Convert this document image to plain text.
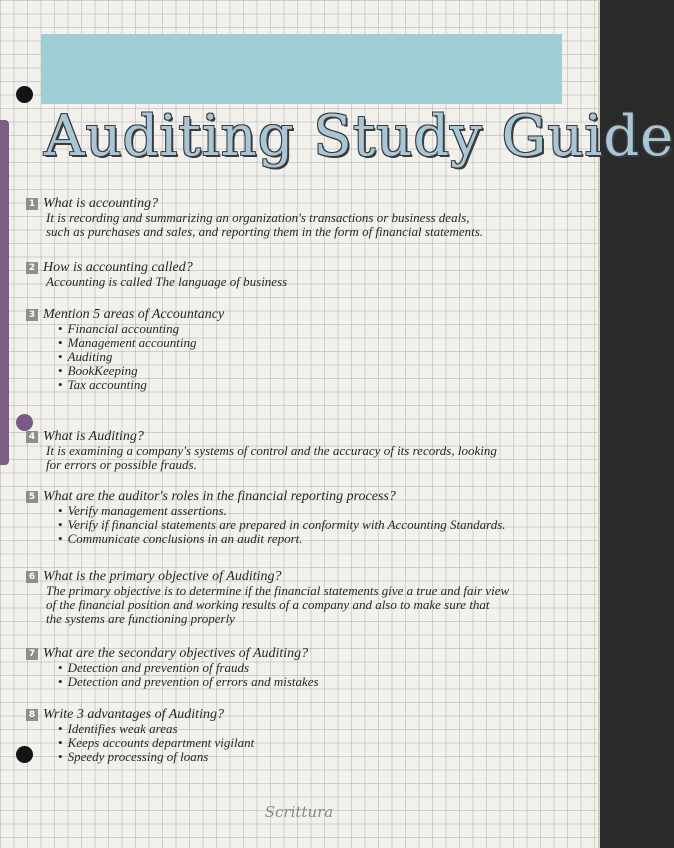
Auditing Study Guide
1 What is accounting?
It is recording and summarizing an organization's transactions or business deals,
such as purchases and sales, and reporting them in the form of financial statements.
2 How is accounting called?
Accounting is called The language of business
3 Mention 5 areas of Accountancy
• Financial accounting
• Management accounting
• Auditing
• BookKeeping
• Tax accounting
4 What is Auditing?
It is examining a company's systems of control and the accuracy of its records, looking
for errors or possible frauds.
5 What are the auditor's roles in the financial reporting process?
• Verify management assertions.
• Verify if financial statements are prepared in conformity with Accounting Standards.
• Communicate conclusions in an audit report.
6 What is the primary objective of Auditing?
The primary objective is to determine if the financial statements give a true and fair view
of the financial position and working results of a company and also to make sure that
the systems are functioning properly
7 What are the secondary objectives of Auditing?
• Detection and prevention of frauds
• Detection and prevention of errors and mistakes
8 Write 3 advantages of Auditing?
• Identifies weak areas
• Keeps accounts department vigilant
• Speedy processing of loans
Scrittura
